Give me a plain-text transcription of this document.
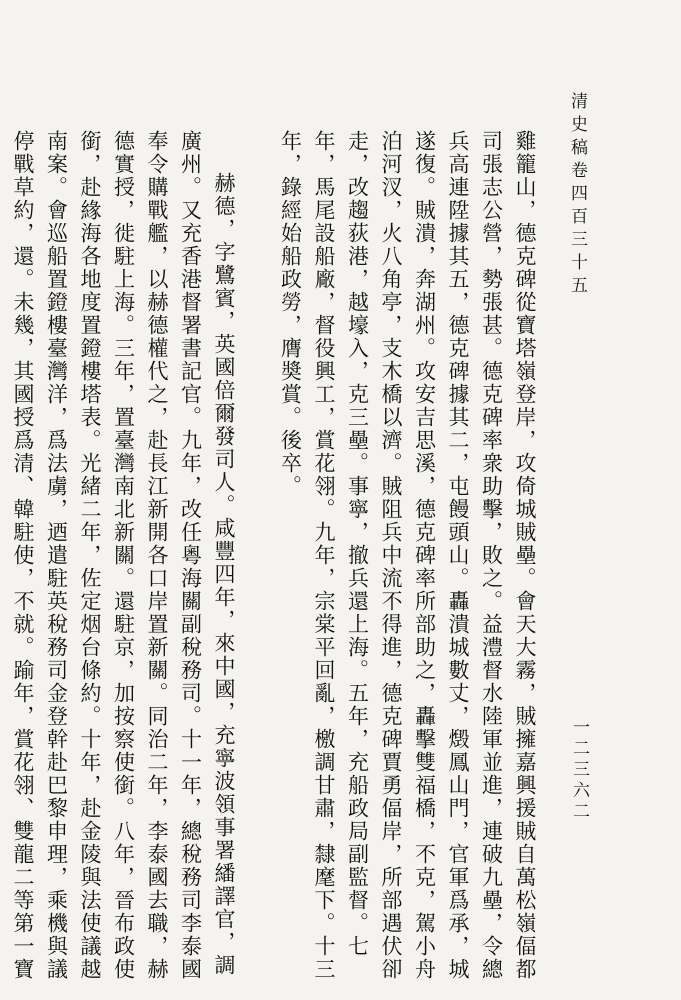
清史稿卷四百三十五
一二三六二

雞籠山，德克碑從寶塔嶺登岸，攻倚城賊壘。會天大霧，賊擁嘉興援賊自萬松嶺偪都司張志公營，勢張甚。德克碑率衆助擊，敗之。益澧督水陸軍並進，連破九壘，令總兵高連陞據其五，德克碑據其二，屯饅頭山。轟潰城數丈，燬鳳山門，官軍爲承，城遂復。賊潰，奔湖州。攻安吉思溪，德克碑率所部助之，轟擊雙福橋，不克，駕小舟泊河汊，火八角亭，支木橋以濟。賊阻兵中流不得進，德克碑賈勇偪岸，所部遇伏卻走，改趨荻港，越壕入，克三壘。事寧，撤兵還上海。五年，充船政局副監督。七年，馬尾設船廠，督役興工，賞花翎。九年，宗棠平回亂，檄調甘肅，隸麾下。十三年，錄經始船政勞，膺奬賞。後卒。

赫德，字鷺賓，英國倍爾發司人。咸豐四年，來中國，充寧波領事署繙譯官，調廣州。又充香港督署書記官。九年，改任粵海關副稅務司。十一年，總稅務司李泰國奉令購戰艦，以赫德權代之，赴長江新開各口岸置新關。同治二年，李泰國去職，赫德實授，徙駐上海。三年，置臺灣南北新關。還駐京，加按察使銜。八年，晉布政使銜，赴緣海各地度置鐙樓塔表。光緒二年，佐定烟台條約。十年，赴金陵與法使議越南案。會巡船置鐙樓臺灣洋，爲法虜，迺遣駐英稅務司金登幹赴巴黎申理，乘機與議停戰草約，還。未幾，其國授爲清、韓駐使，不就。踰年，賞花翎、雙龍二等第一寶
